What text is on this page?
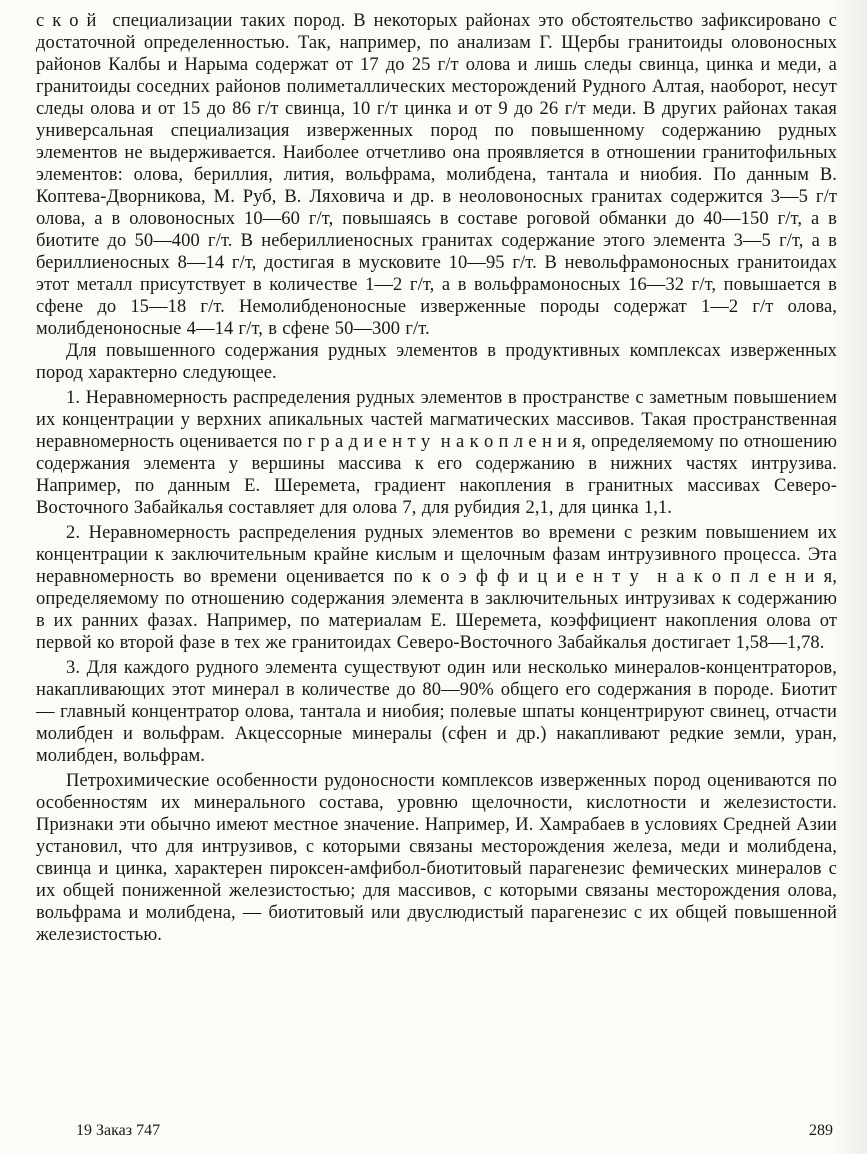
с к о й  специализации таких пород. В некоторых районах это обстоятельство зафиксировано с достаточной определенностью. Так, например, по анализам Г. Щербы гранитоиды оловоносных районов Калбы и Нарыма содержат от 17 до 25 г/т олова и лишь следы свинца, цинка и меди, а гранитоиды соседних районов полиметаллических месторождений Рудного Алтая, наоборот, несут следы олова и от 15 до 86 г/т свинца, 10 г/т цинка и от 9 до 26 г/т меди. В других районах такая универсальная специализация изверженных пород по повышенному содержанию рудных элементов не выдерживается. Наиболее отчетливо она проявляется в отношении гранитофильных элементов: олова, бериллия, лития, вольфрама, молибдена, тантала и ниобия. По данным В. Коптева-Дворникова, М. Руб, В. Ляховича и др. в неоловоносных гранитах содержится 3—5 г/т олова, а в оловоносных 10—60 г/т, повышаясь в составе роговой обманки до 40—150 г/т, а в биотите до 50—400 г/т. В небериллиеносных гранитах содержание этого элемента 3—5 г/т, а в бериллиеносных 8—14 г/т, достигая в мусковите 10—95 г/т. В невольфрамоносных гранитоидах этот металл присутствует в количестве 1—2 г/т, а в вольфрамоносных 16—32 г/т, повышается в сфене до 15—18 г/т. Немолибденоносные изверженные породы содержат 1—2 г/т олова, молибденоносные 4—14 г/т, в сфене 50—300 г/т.

Для повышенного содержания рудных элементов в продуктивных комплексах изверженных пород характерно следующее.

1. Неравномерность распределения рудных элементов в пространстве с заметным повышением их концентрации у верхних апикальных частей магматических массивов. Такая пространственная неравномерность оценивается по г р а д и е н т у  н а к о п л е н и я, определяемому по отношению содержания элемента у вершины массива к его содержанию в нижних частях интрузива. Например, по данным Е. Шеремета, градиент накопления в гранитных массивах Северо-Восточного Забайкалья составляет для олова 7, для рубидия 2,1, для цинка 1,1.

2. Неравномерность распределения рудных элементов во времени с резким повышением их концентрации к заключительным крайне кислым и щелочным фазам интрузивного процесса. Эта неравномерность во времени оценивается по к о э ф ф и ц и е н т у  н а к о п л е н и я, определяемому по отношению содержания элемента в заключительных интрузивах к содержанию в их ранних фазах. Например, по материалам Е. Шеремета, коэффициент накопления олова от первой ко второй фазе в тех же гранитоидах Северо-Восточного Забайкалья достигает 1,58—1,78.

3. Для каждого рудного элемента существуют один или несколько минералов-концентраторов, накапливающих этот минерал в количестве до 80—90% общего его содержания в породе. Биотит — главный концентратор олова, тантала и ниобия; полевые шпаты концентрируют свинец, отчасти молибден и вольфрам. Акцессорные минералы (сфен и др.) накапливают редкие земли, уран, молибден, вольфрам.

Петрохимические особенности рудоносности комплексов изверженных пород оцениваются по особенностям их минерального состава, уровню щелочности, кислотности и железистости. Признаки эти обычно имеют местное значение. Например, И. Хамрабаев в условиях Средней Азии установил, что для интрузивов, с которыми связаны месторождения железа, меди и молибдена, свинца и цинка, характерен пироксен-амфибол-биотитовый парагенезис фемических минералов с их общей пониженной железистостью; для массивов, с которыми связаны месторождения олова, вольфрама и молибдена, — биотитовый или двуслюдистый парагенезис с их общей повышенной железистостью.

19 Заказ 747	289
